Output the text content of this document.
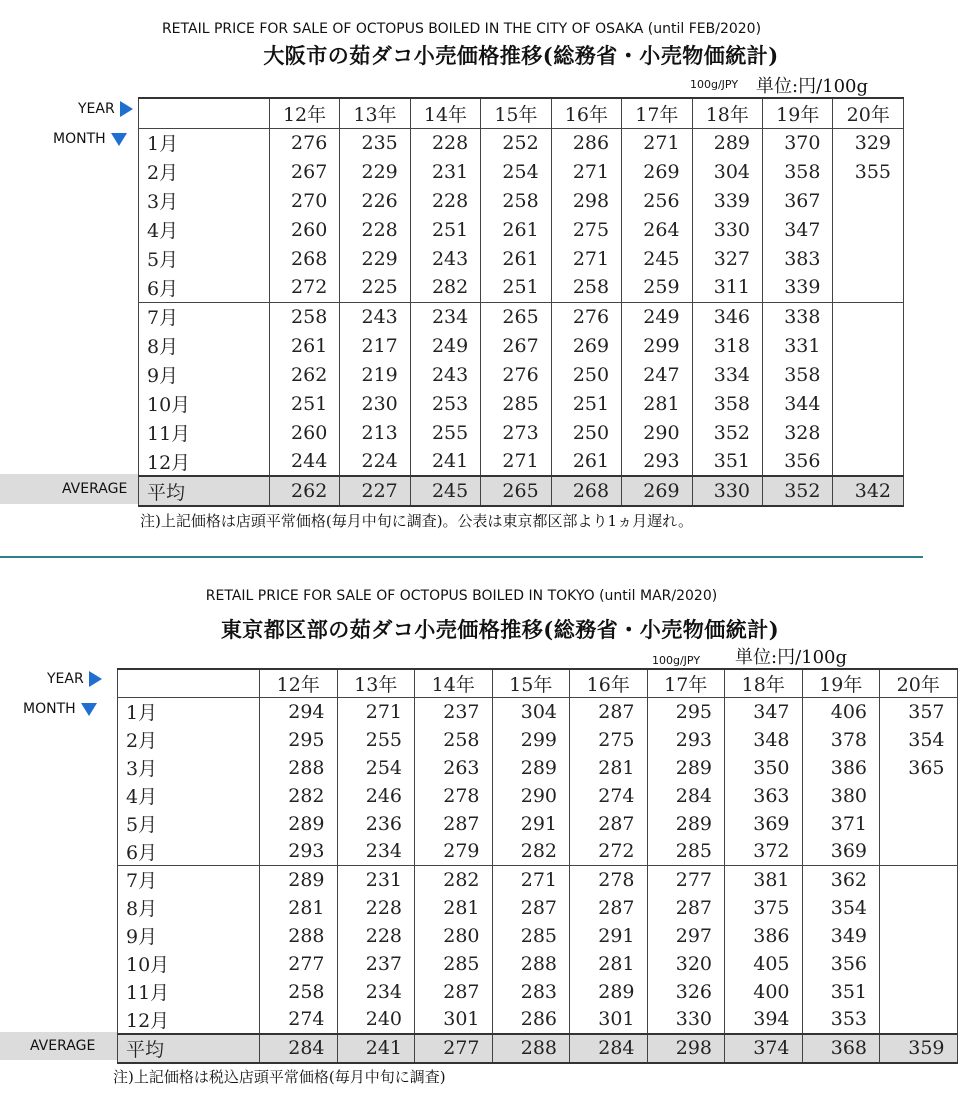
RETAIL PRICE FOR SALE OF OCTOPUS BOILED IN THE CITY OF OSAKA (until FEB/2020)
大阪市の茹ダコ小売価格推移(総務省・小売物価統計)
100g/JPY 単位:円/100g
YEAR
MONTH
AVERAGE
	12年	13年	14年	15年	16年	17年	18年	19年	20年
1月	276	235	228	252	286	271	289	370	329
2月	267	229	231	254	271	269	304	358	355
3月	270	226	228	258	298	256	339	367	
4月	260	228	251	261	275	264	330	347	
5月	268	229	243	261	271	245	327	383	
6月	272	225	282	251	258	259	311	339	
7月	258	243	234	265	276	249	346	338	
8月	261	217	249	267	269	299	318	331	
9月	262	219	243	276	250	247	334	358	
10月	251	230	253	285	251	281	358	344	
11月	260	213	255	273	250	290	352	328	
12月	244	224	241	271	261	293	351	356	
平均	262	227	245	265	268	269	330	352	342
注)上記価格は店頭平常価格(毎月中旬に調査)。公表は東京都区部より1ヵ月遅れ。
RETAIL PRICE FOR SALE OF OCTOPUS BOILED IN TOKYO (until MAR/2020)
東京都区部の茹ダコ小売価格推移(総務省・小売物価統計)
100g/JPY 単位:円/100g
YEAR
MONTH
AVERAGE
	12年	13年	14年	15年	16年	17年	18年	19年	20年
1月	294	271	237	304	287	295	347	406	357
2月	295	255	258	299	275	293	348	378	354
3月	288	254	263	289	281	289	350	386	365
4月	282	246	278	290	274	284	363	380	
5月	289	236	287	291	287	289	369	371	
6月	293	234	279	282	272	285	372	369	
7月	289	231	282	271	278	277	381	362	
8月	281	228	281	287	287	287	375	354	
9月	288	228	280	285	291	297	386	349	
10月	277	237	285	288	281	320	405	356	
11月	258	234	287	283	289	326	400	351	
12月	274	240	301	286	301	330	394	353	
平均	284	241	277	288	284	298	374	368	359
注)上記価格は税込店頭平常価格(毎月中旬に調査)
